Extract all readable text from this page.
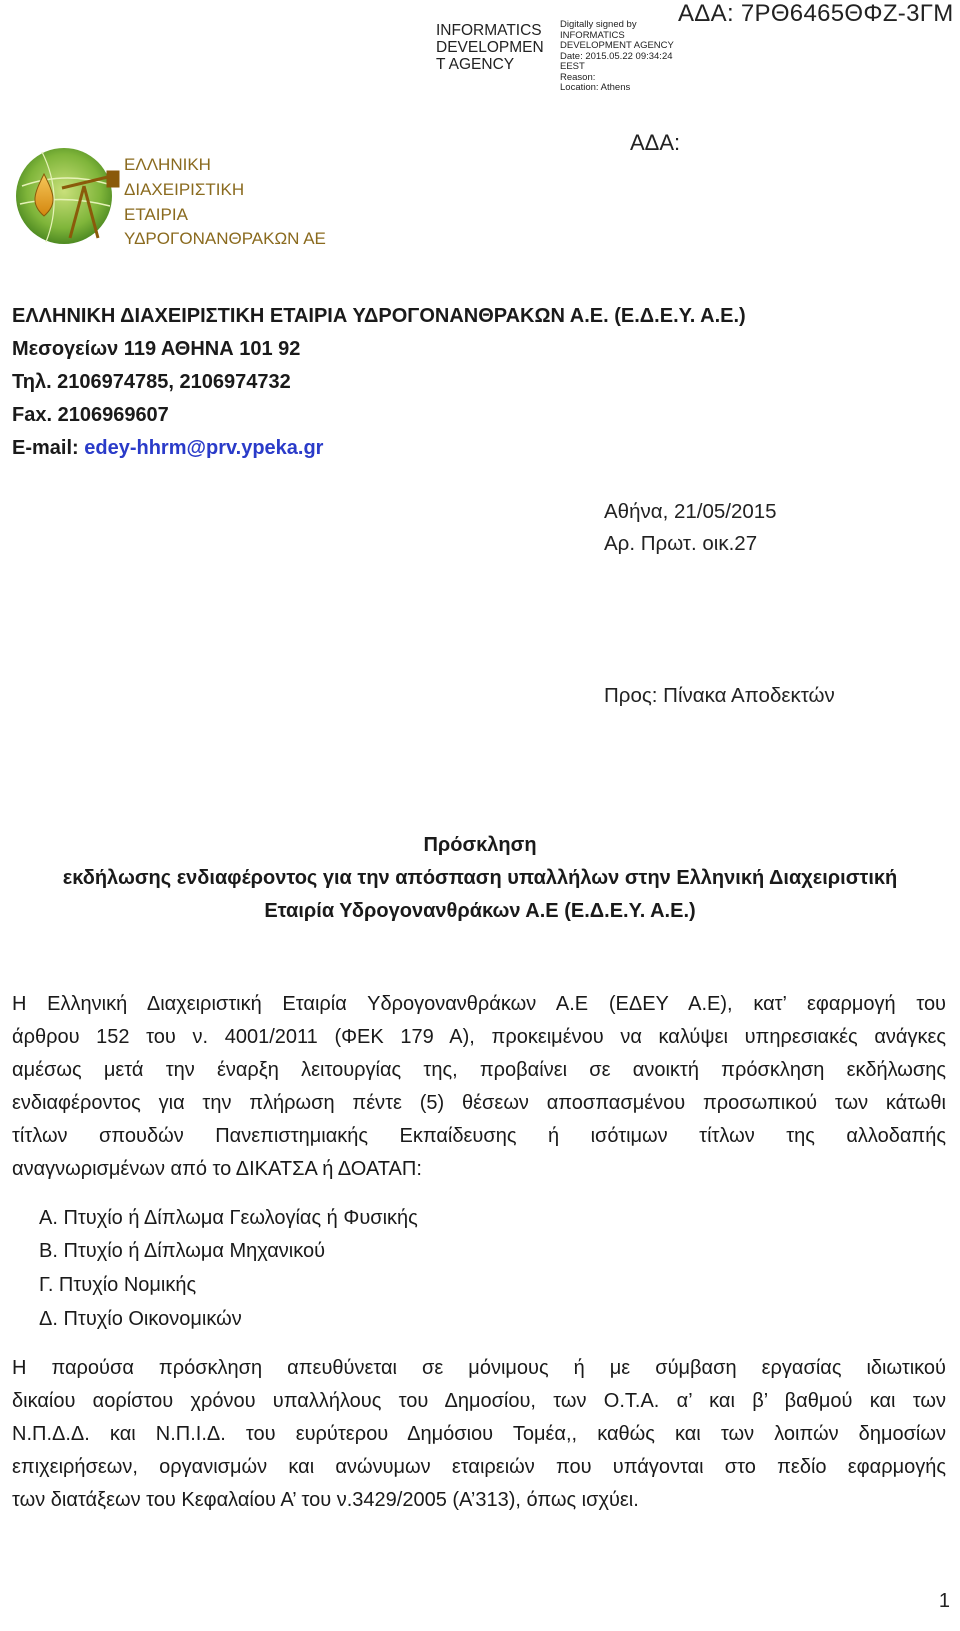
INFORMATICS
DEVELOPMEN
T AGENCY
Digitally signed by
INFORMATICS
DEVELOPMENT AGENCY
Date: 2015.05.22 09:34:24
EEST
Reason:
Location: Athens
ΑΔΑ: 7ΡΘ6465ΘΦΖ-3ΓΜ
ΑΔΑ:
ΕΛΛΗΝΙΚΗ
ΔΙΑΧΕΙΡΙΣΤΙΚΗ
ΕΤΑΙΡΙΑ
ΥΔΡΟΓΟΝΑΝΘΡΑΚΩΝ ΑΕ
ΕΛΛΗΝΙΚΗ ΔΙΑΧΕΙΡΙΣΤΙΚΗ ΕΤΑΙΡΙΑ ΥΔΡΟΓΟΝΑΝΘΡΑΚΩΝ Α.Ε. (Ε.Δ.Ε.Υ. Α.Ε.)
Μεσογείων 119 ΑΘΗΝΑ 101 92
Τηλ. 2106974785, 2106974732
Fax. 2106969607
E-mail: edey-hhrm@prv.ypeka.gr
Αθήνα, 21/05/2015
Αρ. Πρωτ. οικ.27
Προς: Πίνακα Αποδεκτών
Πρόσκληση
εκδήλωσης ενδιαφέροντος για την απόσπαση υπαλλήλων στην Ελληνική Διαχειριστική
Εταιρία Υδρογονανθράκων Α.Ε (Ε.Δ.Ε.Υ. Α.Ε.)
Η Ελληνική Διαχειριστική Εταιρία Υδρογονανθράκων Α.Ε (ΕΔΕΥ Α.Ε), κατ’ εφαρμογή του
άρθρου 152 του ν. 4001/2011 (ΦΕΚ 179 Α), προκειμένου να καλύψει υπηρεσιακές ανάγκες
αμέσως μετά την έναρξη λειτουργίας της, προβαίνει σε ανοικτή πρόσκληση εκδήλωσης
ενδιαφέροντος για την πλήρωση πέντε (5) θέσεων αποσπασμένου προσωπικού των κάτωθι
τίτλων σπουδών Πανεπιστημιακής Εκπαίδευσης ή ισότιμων τίτλων της αλλοδαπής
αναγνωρισμένων από το ΔΙΚΑΤΣΑ ή ΔΟΑΤΑΠ:
Α. Πτυχίο ή Δίπλωμα Γεωλογίας ή Φυσικής
Β. Πτυχίο ή Δίπλωμα Μηχανικού
Γ. Πτυχίο Νομικής
Δ. Πτυχίο Οικονομικών
Η παρούσα πρόσκληση απευθύνεται σε μόνιμους ή με σύμβαση εργασίας ιδιωτικού
δικαίου αορίστου χρόνου υπαλλήλους του Δημοσίου, των Ο.Τ.Α. α’ και β’ βαθμού και των
Ν.Π.Δ.Δ. και Ν.Π.Ι.Δ. του ευρύτερου Δημόσιου Τομέα,, καθώς και των λοιπών δημοσίων
επιχειρήσεων, οργανισμών και ανώνυμων εταιρειών που υπάγονται στο πεδίο εφαρμογής
των διατάξεων του Κεφαλαίου Α’ του ν.3429/2005 (Α’313), όπως ισχύει.
1
